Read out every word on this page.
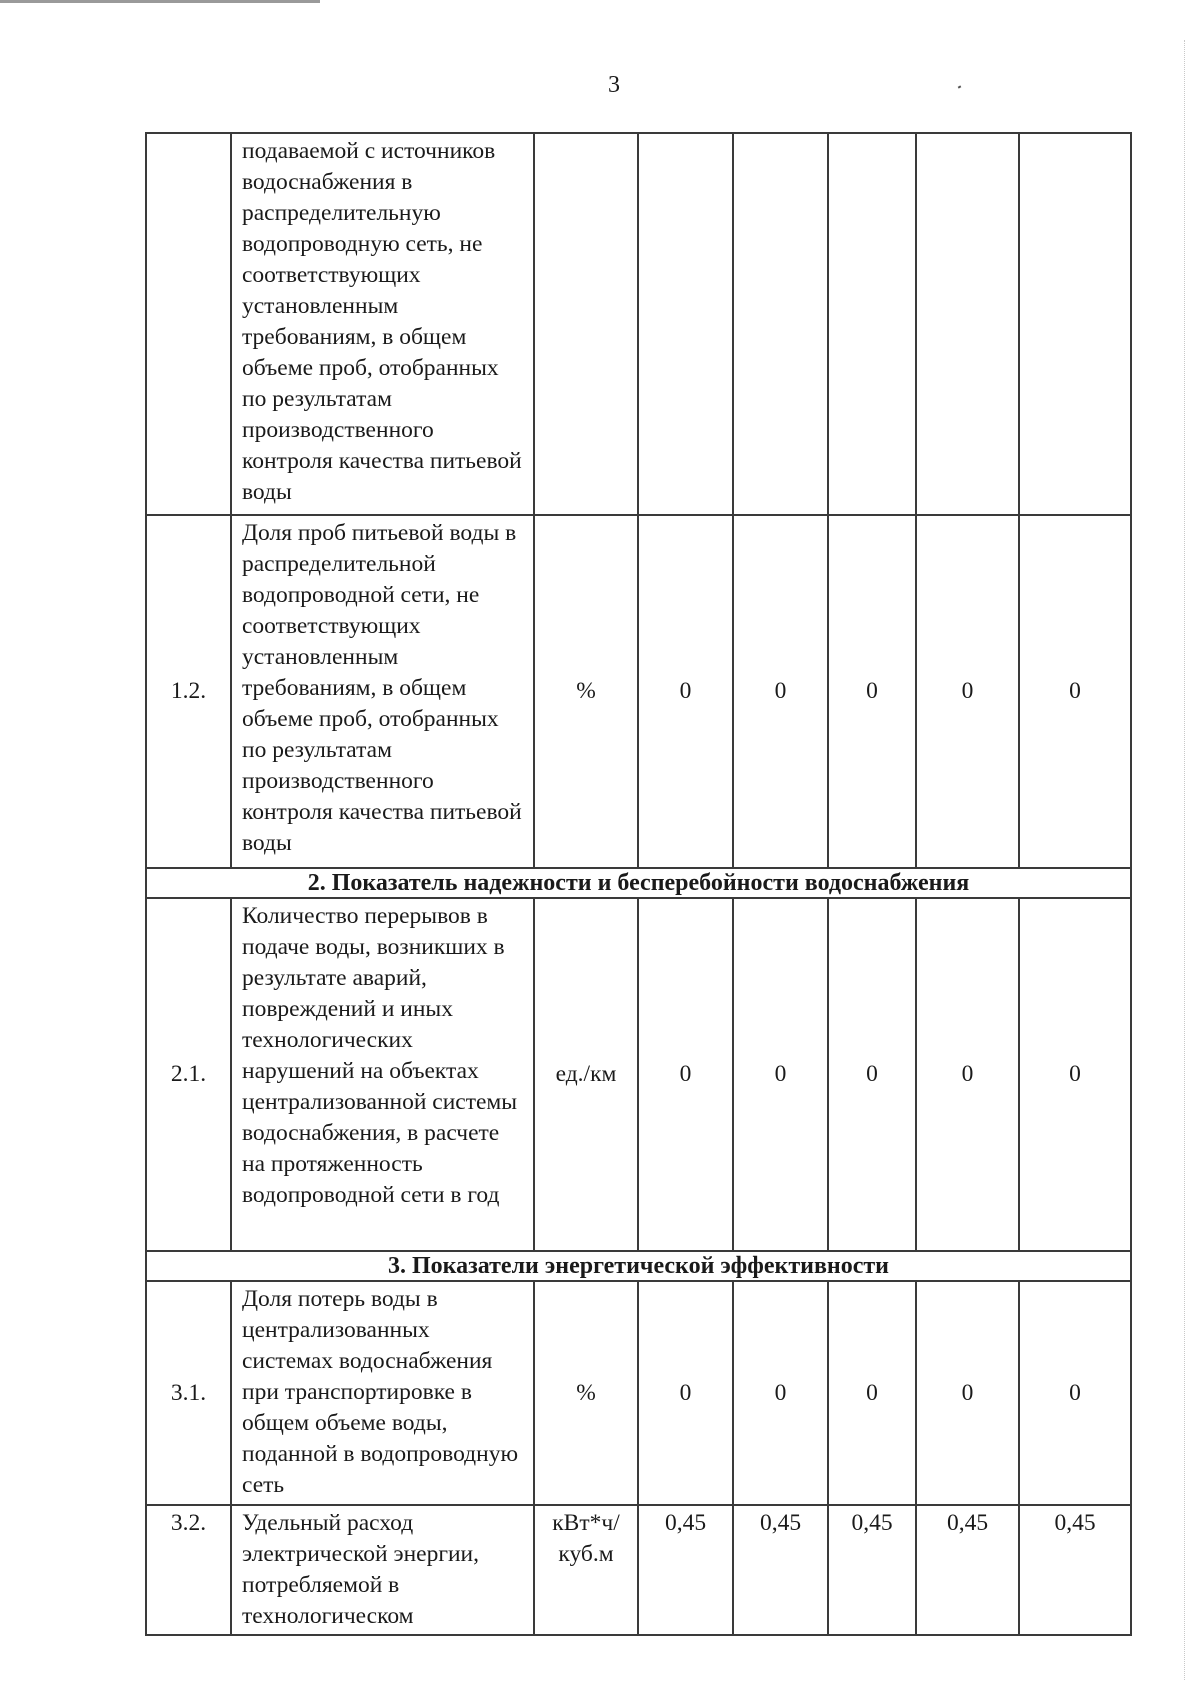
3
	подаваемой с источников водоснабжения в распределительную водопроводную сеть, не соответствующих установленным требованиям, в общем объеме проб, отобранных по результатам производственного контроля качества питьевой воды						
1.2.	Доля проб питьевой воды в распределительной водопроводной сети, не соответствующих установленным требованиям, в общем объеме проб, отобранных по результатам производственного контроля качества питьевой воды	%	0	0	0	0	0
2. Показатель надежности и бесперебойности водоснабжения							
2.1.	Количество перерывов в подаче воды, возникших в результате аварий, повреждений и иных технологических нарушений на объектах централизованной системы водоснабжения, в расчете на протяженность водопроводной сети в год	ед./км	0	0	0	0	0
3. Показатели энергетической эффективности							
3.1.	Доля потерь воды в централизованных системах водоснабжения при транспортировке в общем объеме воды, поданной в водопроводную сеть	%	0	0	0	0	0
3.2.	Удельный расход электрической энергии, потребляемой в технологическом	кВт*ч/ куб.м	0,45	0,45	0,45	0,45	0,45
